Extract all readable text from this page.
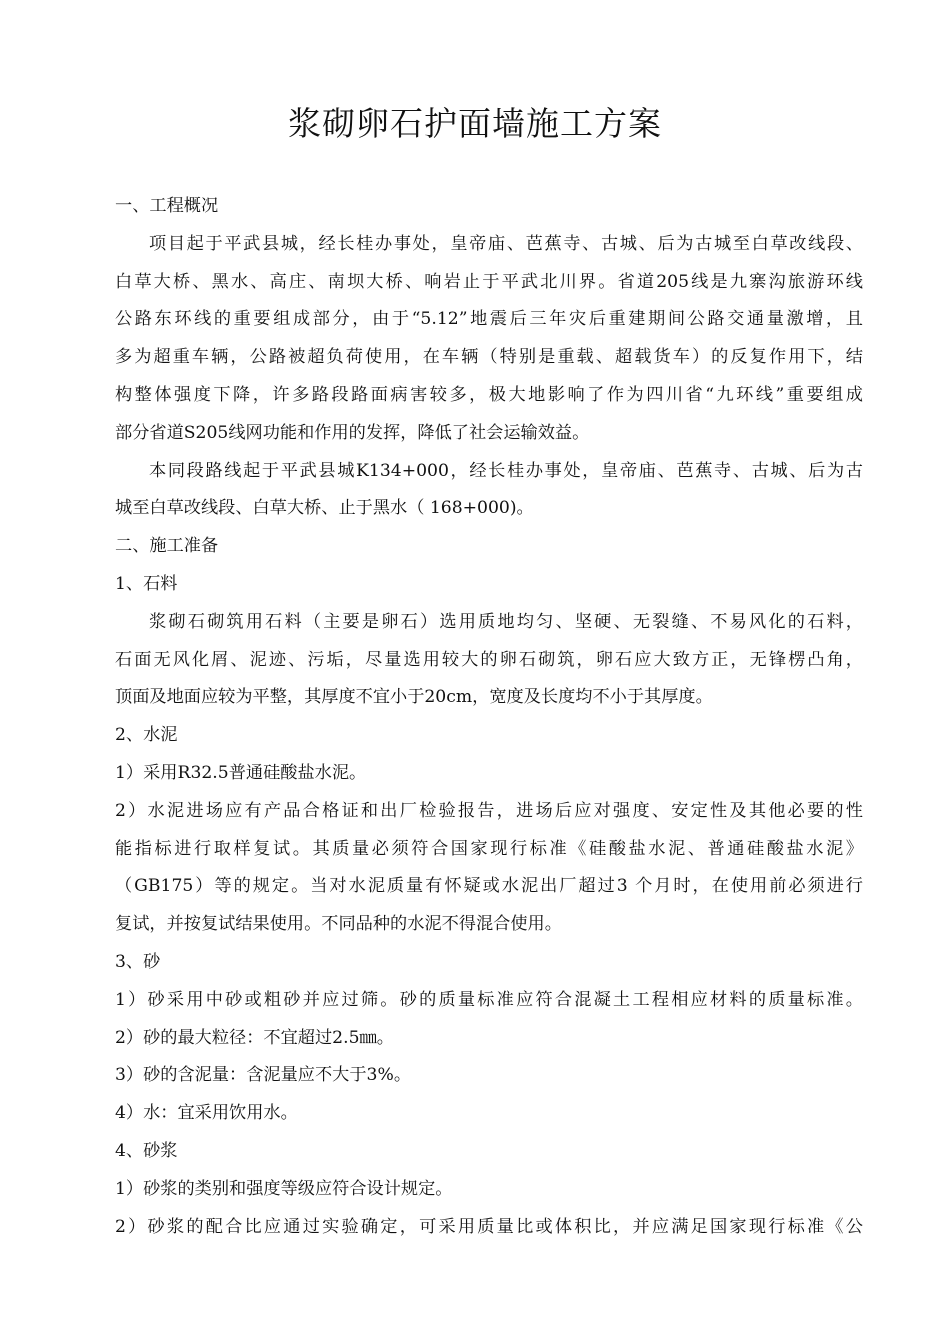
浆砌卵石护面墙施工方案
一、工程概况
项目起于平武县城，经长桂办事处，皇帝庙、芭蕉寺、古城、后为古城至白草改线段、
白草大桥、黑水、高庄、南坝大桥、响岩止于平武北川界。省道205线是九寨沟旅游环线
公路东环线的重要组成部分，由于“5.12”地震后三年灾后重建期间公路交通量激增，且
多为超重车辆，公路被超负荷使用，在车辆（特别是重载、超载货车）的反复作用下，结
构整体强度下降，许多路段路面病害较多，极大地影响了作为四川省“九环线”重要组成
部分省道S205线网功能和作用的发挥，降低了社会运输效益。
本同段路线起于平武县城K134+000，经长桂办事处，皇帝庙、芭蕉寺、古城、后为古
城至白草改线段、白草大桥、止于黑水（ 168+000)。
二、施工准备
1、石料
浆砌石砌筑用石料（主要是卵石）选用质地均匀、坚硬、无裂缝、不易风化的石料，
石面无风化屑、泥迹、污垢，尽量选用较大的卵石砌筑，卵石应大致方正，无锋楞凸角，
顶面及地面应较为平整，其厚度不宜小于20cm，宽度及长度均不小于其厚度。
2、水泥
1）采用R32.5普通硅酸盐水泥。
2）水泥进场应有产品合格证和出厂检验报告，进场后应对强度、安定性及其他必要的性
能指标进行取样复试。其质量必须符合国家现行标准《硅酸盐水泥、普通硅酸盐水泥》
（GB175）等的规定。当对水泥质量有怀疑或水泥出厂超过3 个月时，在使用前必须进行
复试，并按复试结果使用。不同品种的水泥不得混合使用。
3、砂
1）砂采用中砂或粗砂并应过筛。砂的质量标准应符合混凝土工程相应材料的质量标准。
2）砂的最大粒径：不宜超过2.5㎜。
3）砂的含泥量：含泥量应不大于3%。
4）水：宜采用饮用水。
4、砂浆
1）砂浆的类别和强度等级应符合设计规定。
2）砂浆的配合比应通过实验确定，可采用质量比或体积比，并应满足国家现行标准《公
